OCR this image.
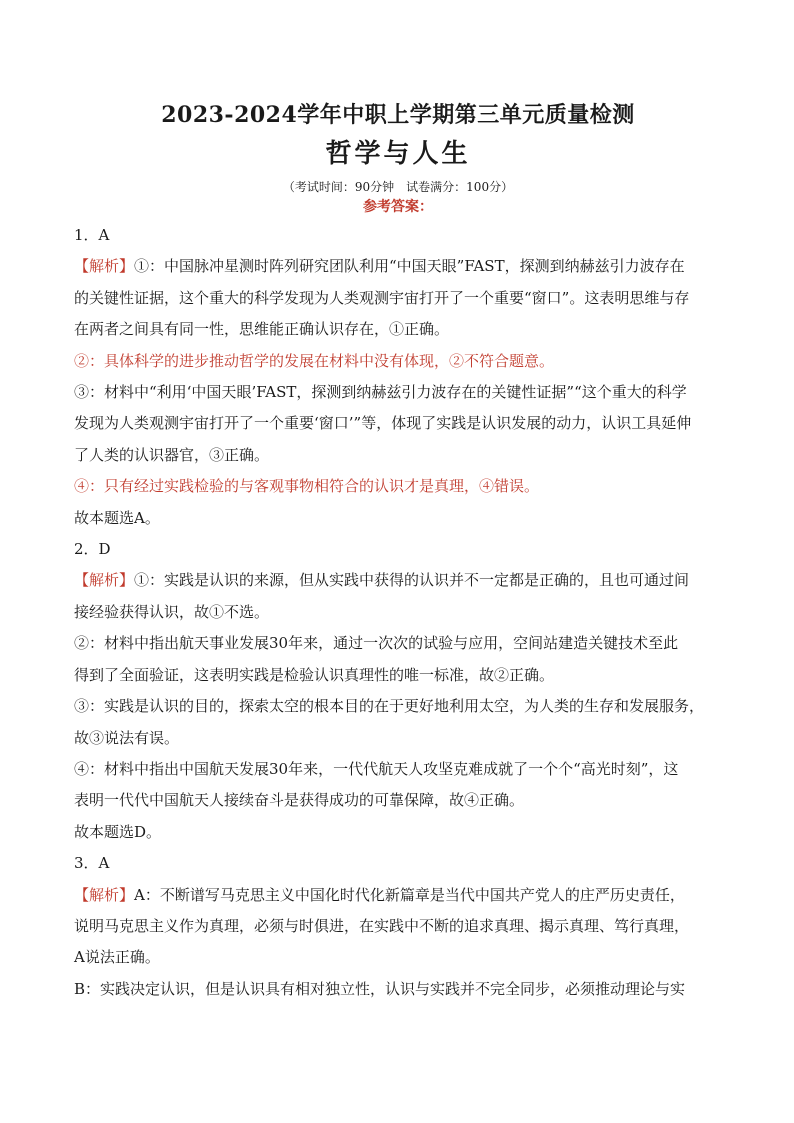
2023-2024学年中职上学期第三单元质量检测
哲学与人生
（考试时间：90分钟　试卷满分：100分）
参考答案：
1．A
【解析】①：中国脉冲星测时阵列研究团队利用“中国天眼”FAST，探测到纳赫兹引力波存在
的关键性证据，这个重大的科学发现为人类观测宇宙打开了一个重要“窗口”。这表明思维与存
在两者之间具有同一性，思维能正确认识存在，①正确。
②：具体科学的进步推动哲学的发展在材料中没有体现，②不符合题意。
③：材料中“利用‘中国天眼’FAST，探测到纳赫兹引力波存在的关键性证据”“这个重大的科学
发现为人类观测宇宙打开了一个重要‘窗口’”等，体现了实践是认识发展的动力，认识工具延伸
了人类的认识器官，③正确。
④：只有经过实践检验的与客观事物相符合的认识才是真理，④错误。
故本题选A。
2．D
【解析】①：实践是认识的来源，但从实践中获得的认识并不一定都是正确的，且也可通过间
接经验获得认识，故①不选。
②：材料中指出航天事业发展30年来，通过一次次的试验与应用，空间站建造关键技术至此
得到了全面验证，这表明实践是检验认识真理性的唯一标准，故②正确。
③：实践是认识的目的，探索太空的根本目的在于更好地利用太空，为人类的生存和发展服务，
故③说法有误。
④：材料中指出中国航天发展30年来，一代代航天人攻坚克难成就了一个个“高光时刻”，这
表明一代代中国航天人接续奋斗是获得成功的可靠保障，故④正确。
故本题选D。
3．A
【解析】A：不断谱写马克思主义中国化时代化新篇章是当代中国共产党人的庄严历史责任，
说明马克思主义作为真理，必须与时俱进，在实践中不断的追求真理、揭示真理、笃行真理，
A说法正确。
B：实践决定认识，但是认识具有相对独立性，认识与实践并不完全同步，必须推动理论与实
